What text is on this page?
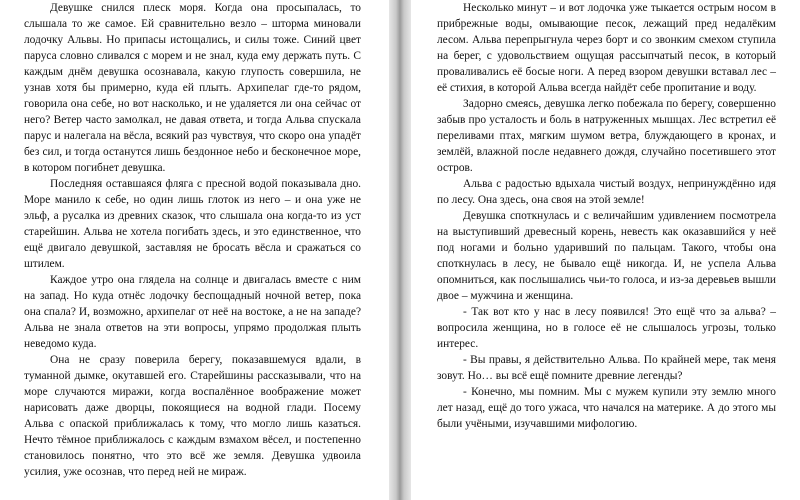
Девушке снился плеск моря. Когда она просыпалась, то слышала то же самое. Ей сравнительно везло – шторма миновали лодочку Альвы. Но припасы истощались, и силы тоже. Синий цвет паруса словно сливался с морем и не знал, куда ему держать путь. С каждым днём девушка осознавала, какую глупость совершила, не узнав хотя бы примерно, куда ей плыть. Архипелаг где-то рядом, говорила она себе, но вот насколько, и не удаляется ли она сейчас от него? Ветер часто замолкал, не давая ответа, и тогда Альва спускала парус и налегала на вёсла, всякий раз чувствуя, что скоро она упадёт без сил, и тогда останутся лишь бездонное небо и бесконечное море, в котором погибнет девушка.

Последняя оставшаяся фляга с пресной водой показывала дно. Море манило к себе, но один лишь глоток из него – и она уже не эльф, а русалка из древних сказок, что слышала она когда-то из уст старейшин. Альва не хотела погибать здесь, и это единственное, что ещё двигало девушкой, заставляя не бросать вёсла и сражаться со штилем.

Каждое утро она глядела на солнце и двигалась вместе с ним на запад. Но куда отнёс лодочку беспощадный ночной ветер, пока она спала? И, возможно, архипелаг от неё на востоке, а не на западе? Альва не знала ответов на эти вопросы, упрямо продолжая плыть неведомо куда.

Она не сразу поверила берегу, показавшемуся вдали, в туманной дымке, окутавшей его. Старейшины рассказывали, что на море случаются миражи, когда воспалённое воображение может нарисовать даже дворцы, покоящиеся на водной глади. Посему Альва с опаской приближалась к тому, что могло лишь казаться. Нечто тёмное приближалось с каждым взмахом вёсел, и постепенно становилось понятно, что это всё же земля. Девушка удвоила усилия, уже осознав, что перед ней не мираж.

Несколько минут – и вот лодочка уже тыкается острым носом в прибрежные воды, омывающие песок, лежащий пред недалёким лесом. Альва перепрыгнула через борт и со звонким смехом ступила на берег, с удовольствием ощущая рассыпчатый песок, в который проваливались её босые ноги. А перед взором девушки вставал лес – её стихия, в которой Альва всегда найдёт себе пропитание и воду.

Задорно смеясь, девушка легко побежала по берегу, совершенно забыв про усталость и боль в натруженных мышцах. Лес встретил её переливами птах, мягким шумом ветра, блуждающего в кронах, и землёй, влажной после недавнего дождя, случайно посетившего этот остров.

Альва с радостью вдыхала чистый воздух, непринуждённо идя по лесу. Она здесь, она своя на этой земле!

Девушка споткнулась и с величайшим удивлением посмотрела на выступивший древесный корень, невесть как оказавшийся у неё под ногами и больно ударивший по пальцам. Такого, чтобы она споткнулась в лесу, не бывало ещё никогда. И, не успела Альва опомниться, как послышались чьи-то голоса, и из-за деревьев вышли двое – мужчина и женщина.

- Так вот кто у нас в лесу появился! Это ещё что за альва? – вопросила женщина, но в голосе её не слышалось угрозы, только интерес.

- Вы правы, я действительно Альва. По крайней мере, так меня зовут. Но… вы всё ещё помните древние легенды?

- Конечно, мы помним. Мы с мужем купили эту землю много лет назад, ещё до того ужаса, что начался на материке. А до этого мы были учёными, изучавшими мифологию.
